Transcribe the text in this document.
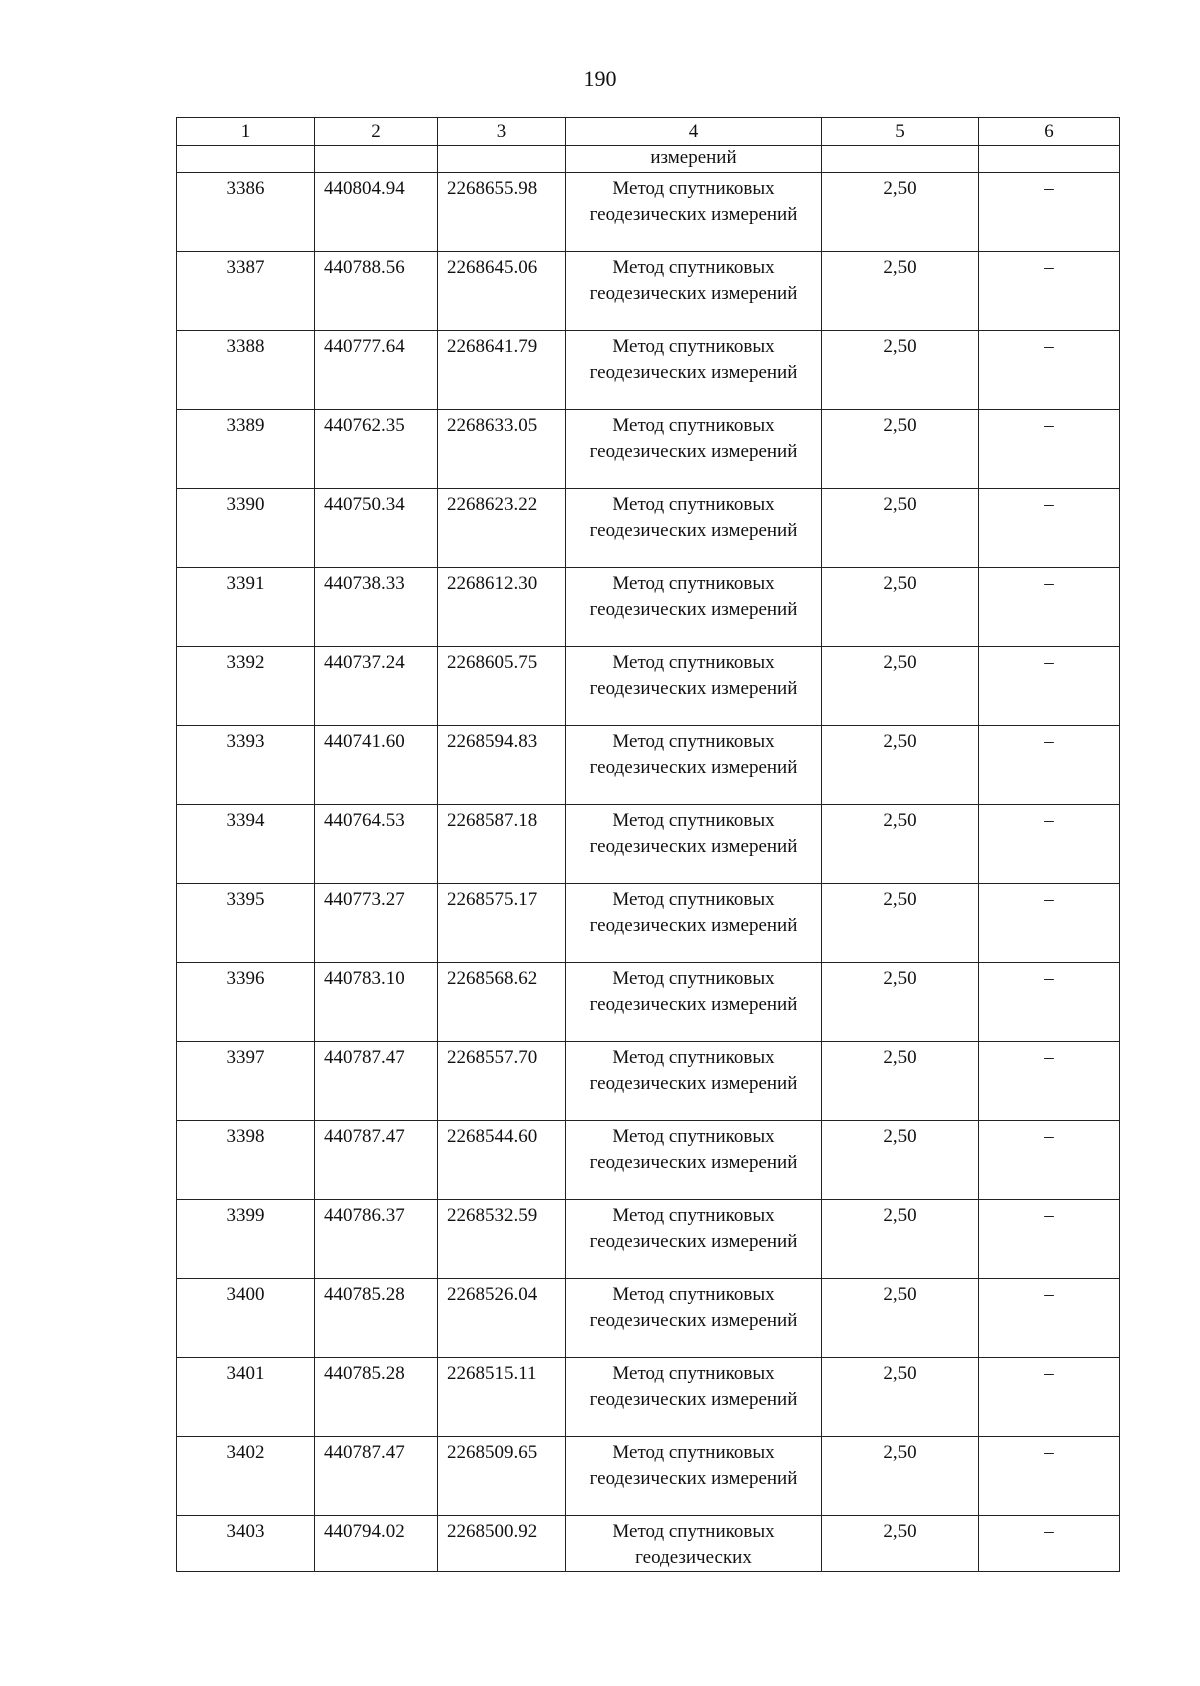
190
1	2	3	4	5	6
			измерений		
3386	440804.94	2268655.98	Метод спутниковых геодезических измерений	2,50	–
3387	440788.56	2268645.06	Метод спутниковых геодезических измерений	2,50	–
3388	440777.64	2268641.79	Метод спутниковых геодезических измерений	2,50	–
3389	440762.35	2268633.05	Метод спутниковых геодезических измерений	2,50	–
3390	440750.34	2268623.22	Метод спутниковых геодезических измерений	2,50	–
3391	440738.33	2268612.30	Метод спутниковых геодезических измерений	2,50	–
3392	440737.24	2268605.75	Метод спутниковых геодезических измерений	2,50	–
3393	440741.60	2268594.83	Метод спутниковых геодезических измерений	2,50	–
3394	440764.53	2268587.18	Метод спутниковых геодезических измерений	2,50	–
3395	440773.27	2268575.17	Метод спутниковых геодезических измерений	2,50	–
3396	440783.10	2268568.62	Метод спутниковых геодезических измерений	2,50	–
3397	440787.47	2268557.70	Метод спутниковых геодезических измерений	2,50	–
3398	440787.47	2268544.60	Метод спутниковых геодезических измерений	2,50	–
3399	440786.37	2268532.59	Метод спутниковых геодезических измерений	2,50	–
3400	440785.28	2268526.04	Метод спутниковых геодезических измерений	2,50	–
3401	440785.28	2268515.11	Метод спутниковых геодезических измерений	2,50	–
3402	440787.47	2268509.65	Метод спутниковых геодезических измерений	2,50	–
3403	440794.02	2268500.92	Метод спутниковых геодезических	2,50	–
